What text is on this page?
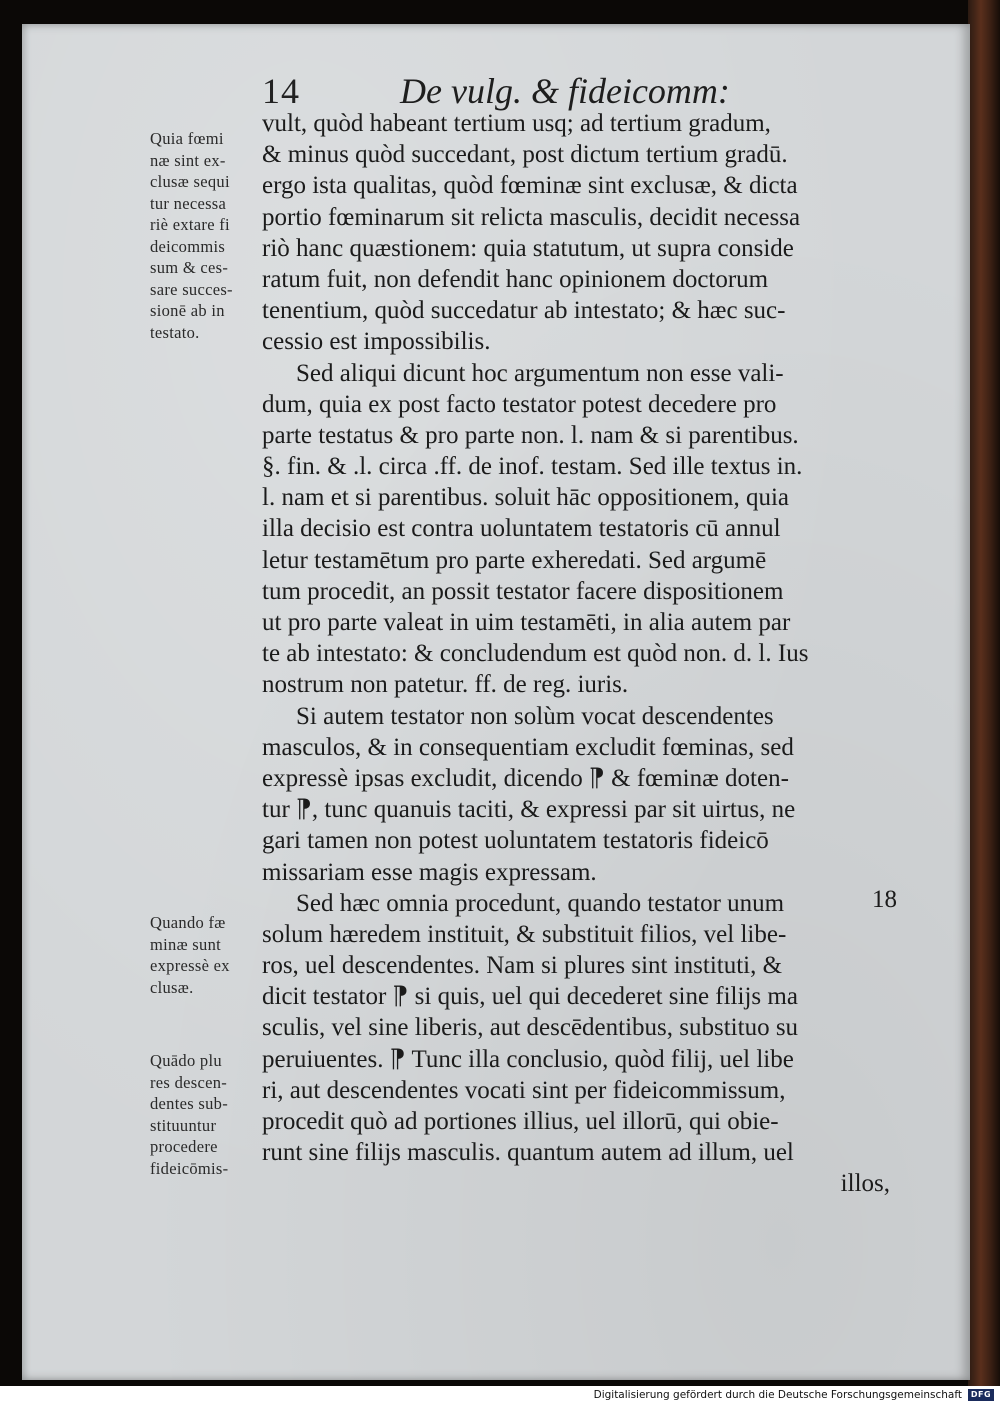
14	De vulg. & fideicomm:
vult, quòd habeant tertium usq; ad tertium gradum,
& minus quòd succedant, post dictum tertium gradū.
ergo ista qualitas, quòd fœminæ sint exclusæ, & dicta
portio fœminarum sit relicta masculis, decidit necessa
riò hanc quæstionem: quia statutum, ut supra conside
ratum fuit, non defendit hanc opinionem doctorum
tenentium, quòd succedatur ab intestato; & hæc suc-
cessio est impossibilis.
Sed aliqui dicunt hoc argumentum non esse vali-
dum, quia ex post facto testator potest decedere pro
parte testatus & pro parte non. l. nam & si parentibus.
§. fin. & .l. circa .ff. de inof. testam. Sed ille textus in.
l. nam et si parentibus. soluit hāc oppositionem, quia
illa decisio est contra uoluntatem testatoris cū annul
letur testamētum pro parte exheredati. Sed argumē
tum procedit, an possit testator facere dispositionem
ut pro parte valeat in uim testamēti, in alia autem par
te ab intestato: & concludendum est quòd non. d. l. Ius
nostrum non patetur. ff. de reg. iuris.
Si autem testator non solùm vocat descendentes
masculos, & in consequentiam excludit fœminas, sed
expressè ipsas excludit, dicendo ⁋ & fœminæ doten-
tur ⁋, tunc quanuis taciti, & expressi par sit uirtus, ne
gari tamen non potest uoluntatem testatoris fideicō
missariam esse magis expressam.
Sed hæc omnia procedunt, quando testator unum
solum hæredem instituit, & substituit filios, vel libe-
ros, uel descendentes. Nam si plures sint instituti, &
dicit testator ⁋ si quis, uel qui decederet sine filijs ma
sculis, vel sine liberis, aut descēdentibus, substituo su
peruiuentes. ⁋ Tunc illa conclusio, quòd filij, uel libe
ri, aut descendentes vocati sint per fideicommissum,
procedit quò ad portiones illius, uel illorū, qui obie-
runt sine filijs masculis. quantum autem ad illum, uel
illos,
18
Quia fœmi
næ sint ex-
clusæ sequi
tur necessa
riè extare fi
deicommis
sum & ces-
sare succes-
sionē ab in
testato.
Quando fæ
minæ sunt
expressè ex
clusæ.
Quādo plu
res descen-
dentes sub-
stituuntur
procedere
fideicōmis-
Digitalisierung gefördert durch die Deutsche Forschungsgemeinschaft	DFG
